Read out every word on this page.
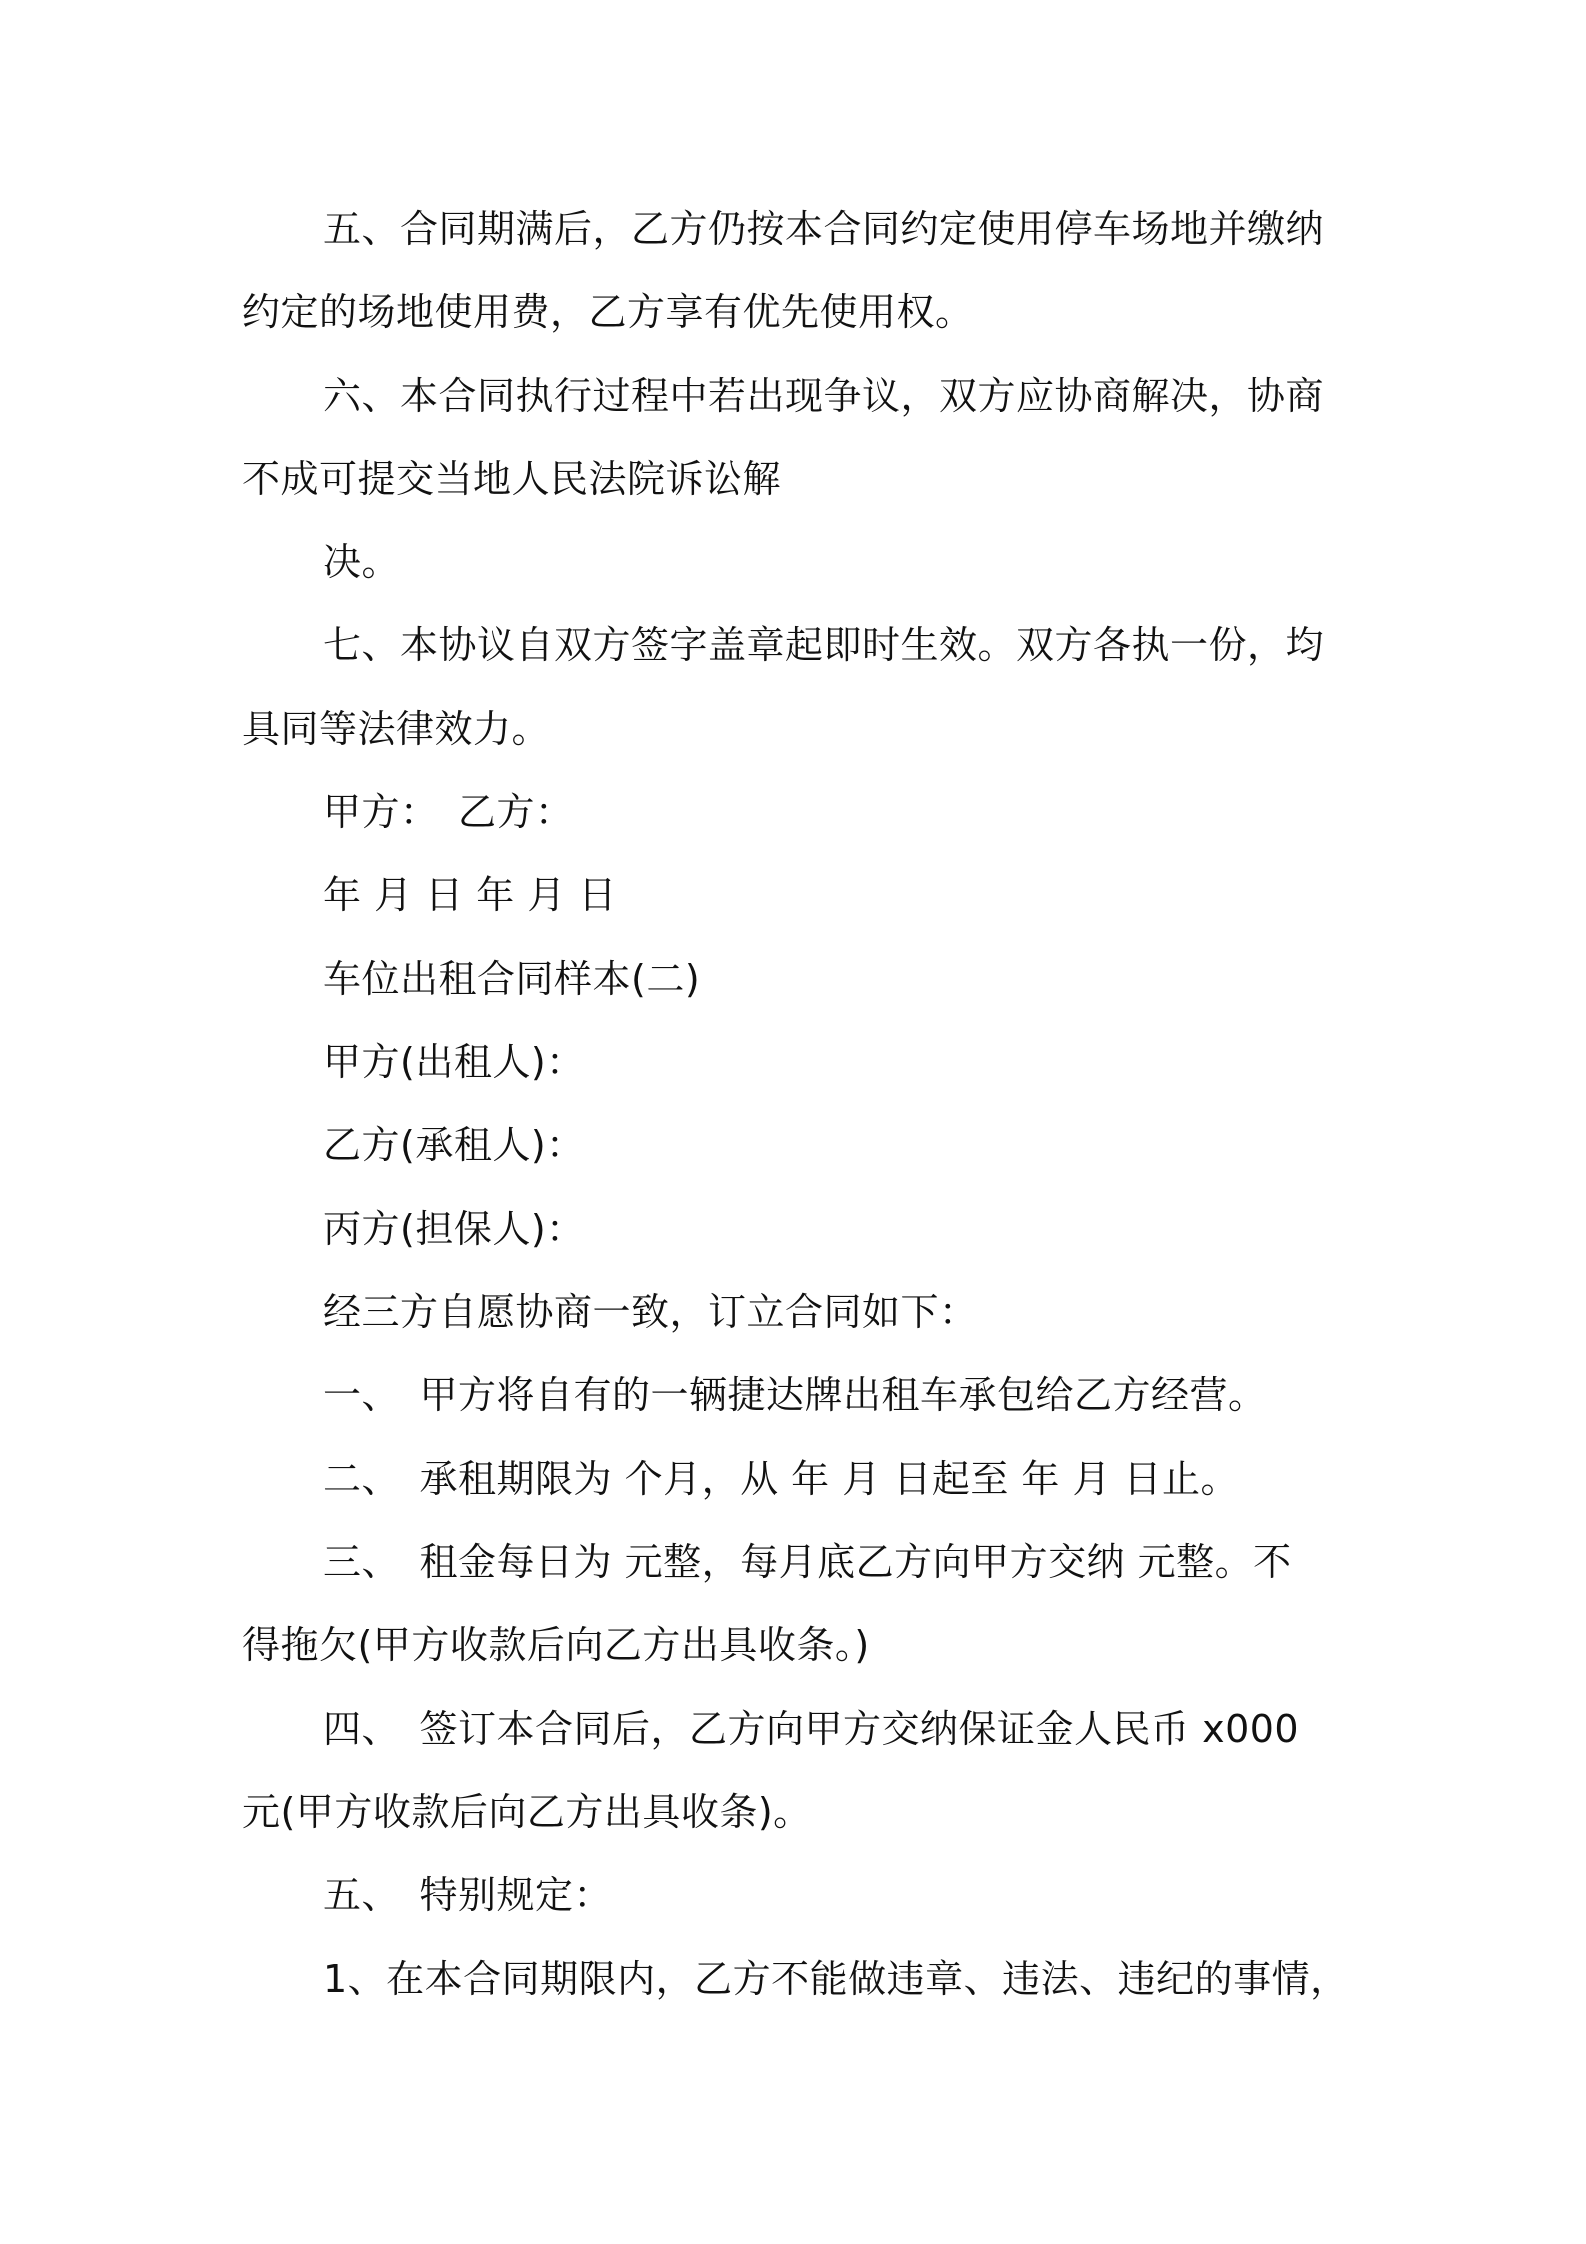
五、合同期满后，乙方仍按本合同约定使用停车场地并缴纳
约定的场地使用费，乙方享有优先使用权。
六、本合同执行过程中若出现争议，双方应协商解决，协商
不成可提交当地人民法院诉讼解
决。
七、本协议自双方签字盖章起即时生效。双方各执一份，均
具同等法律效力。
甲方：　乙方：
年 月 日 年 月 日
车位出租合同样本(二)
甲方(出租人)：
乙方(承租人)：
丙方(担保人)：
经三方自愿协商一致，订立合同如下：
一、　甲方将自有的一辆捷达牌出租车承包给乙方经营。
二、　承租期限为 个月，从 年 月 日起至 年 月 日止。
三、　租金每日为 元整，每月底乙方向甲方交纳 元整。不
得拖欠(甲方收款后向乙方出具收条。)
四、　签订本合同后，乙方向甲方交纳保证金人民币 x000
元(甲方收款后向乙方出具收条)。
五、　特别规定：
1、在本合同期限内，乙方不能做违章、违法、违纪的事情，
